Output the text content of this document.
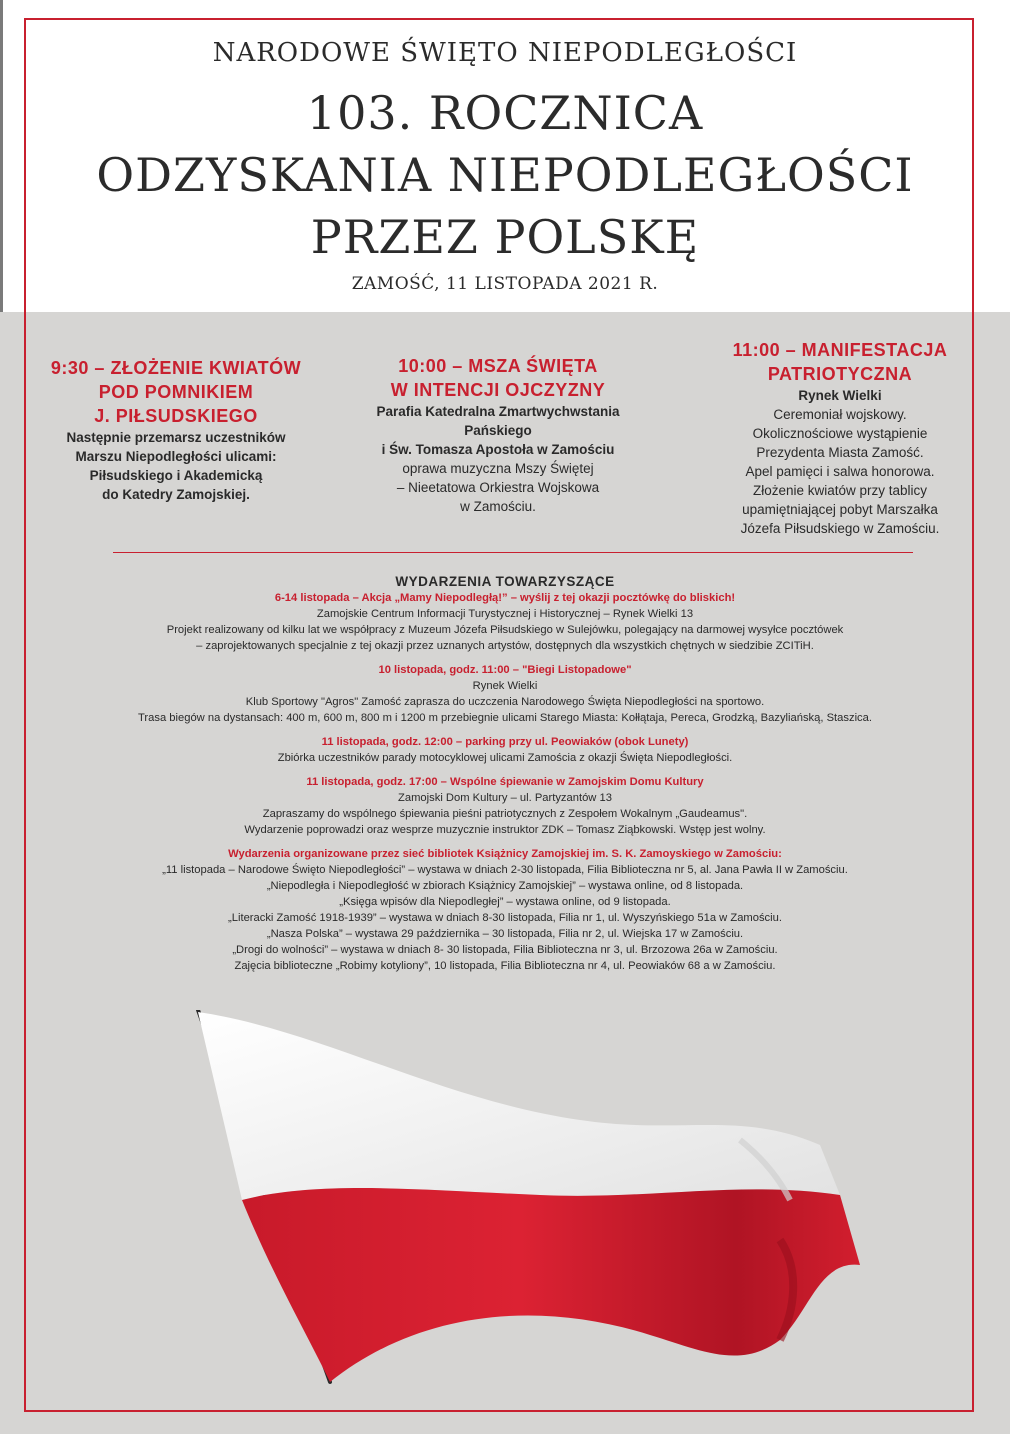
NARODOWE ŚWIĘTO NIEPODLEGŁOŚCI
103. ROCZNICA
ODZYSKANIA NIEPODLEGŁOŚCI
PRZEZ POLSKĘ
ZAMOŚĆ, 11 LISTOPADA 2021 R.
9:30 – ZŁOŻENIE KWIATÓW
POD POMNIKIEM
J. PIŁSUDSKIEGO
Następnie przemarsz uczestników
Marszu Niepodległości ulicami:
Piłsudskiego i Akademicką
do Katedry Zamojskiej.
10:00 – MSZA ŚWIĘTA
W INTENCJI OJCZYZNY
Parafia Katedralna Zmartwychwstania
Pańskiego
i Św. Tomasza Apostoła w Zamościu
oprawa muzyczna Mszy Świętej
– Nieetatowa Orkiestra Wojskowa
w Zamościu.
11:00 – MANIFESTACJA
PATRIOTYCZNA
Rynek Wielki
Ceremoniał wojskowy.
Okolicznościowe wystąpienie
Prezydenta Miasta Zamość.
Apel pamięci i salwa honorowa.
Złożenie kwiatów przy tablicy
upamiętniającej pobyt Marszałka
Józefa Piłsudskiego w Zamościu.
WYDARZENIA TOWARZYSZĄCE
6-14 listopada – Akcja „Mamy Niepodległą!” – wyślij z tej okazji pocztówkę do bliskich!
Zamojskie Centrum Informacji Turystycznej i Historycznej – Rynek Wielki 13
Projekt realizowany od kilku lat we współpracy z Muzeum Józefa Piłsudskiego w Sulejówku, polegający na darmowej wysyłce pocztówek
– zaprojektowanych specjalnie z tej okazji przez uznanych artystów, dostępnych dla wszystkich chętnych w siedzibie ZCITiH.
10 listopada, godz. 11:00 – "Biegi Listopadowe"
Rynek Wielki
Klub Sportowy "Agros" Zamość zaprasza do uczczenia Narodowego Święta Niepodległości na sportowo.
Trasa biegów na dystansach: 400 m, 600 m, 800 m i 1200 m przebiegnie ulicami Starego Miasta: Kołłątaja, Pereca, Grodzką, Bazyliańską, Staszica.
11 listopada, godz. 12:00 – parking przy ul. Peowiaków (obok Lunety)
Zbiórka uczestników parady motocyklowej ulicami Zamościa z okazji Święta Niepodległości.
11 listopada, godz. 17:00 – Wspólne śpiewanie w Zamojskim Domu Kultury
Zamojski Dom Kultury – ul. Partyzantów 13
Zapraszamy do wspólnego śpiewania pieśni patriotycznych z Zespołem Wokalnym „Gaudeamus".
Wydarzenie poprowadzi oraz wesprze muzycznie instruktor ZDK – Tomasz Ziąbkowski. Wstęp jest wolny.
Wydarzenia organizowane przez sieć bibliotek Książnicy Zamojskiej im. S. K. Zamoyskiego w Zamościu:
„11 listopada – Narodowe Święto Niepodległości” – wystawa w dniach 2-30 listopada, Filia Biblioteczna nr 5, al. Jana Pawła II w Zamościu.
„Niepodległa i Niepodległość w zbiorach Książnicy Zamojskiej” – wystawa online, od 8 listopada.
„Księga wpisów dla Niepodległej” – wystawa online, od 9 listopada.
„Literacki Zamość 1918-1939” – wystawa w dniach 8-30 listopada, Filia nr 1, ul. Wyszyńskiego 51a w Zamościu.
„Nasza Polska” – wystawa 29 października – 30 listopada, Filia nr 2, ul. Wiejska 17 w Zamościu.
„Drogi do wolności” – wystawa w dniach 8- 30 listopada, Filia Biblioteczna nr 3, ul. Brzozowa 26a w Zamościu.
Zajęcia biblioteczne „Robimy kotyliony”, 10 listopada, Filia Biblioteczna nr 4, ul. Peowiaków 68 a w Zamościu.
